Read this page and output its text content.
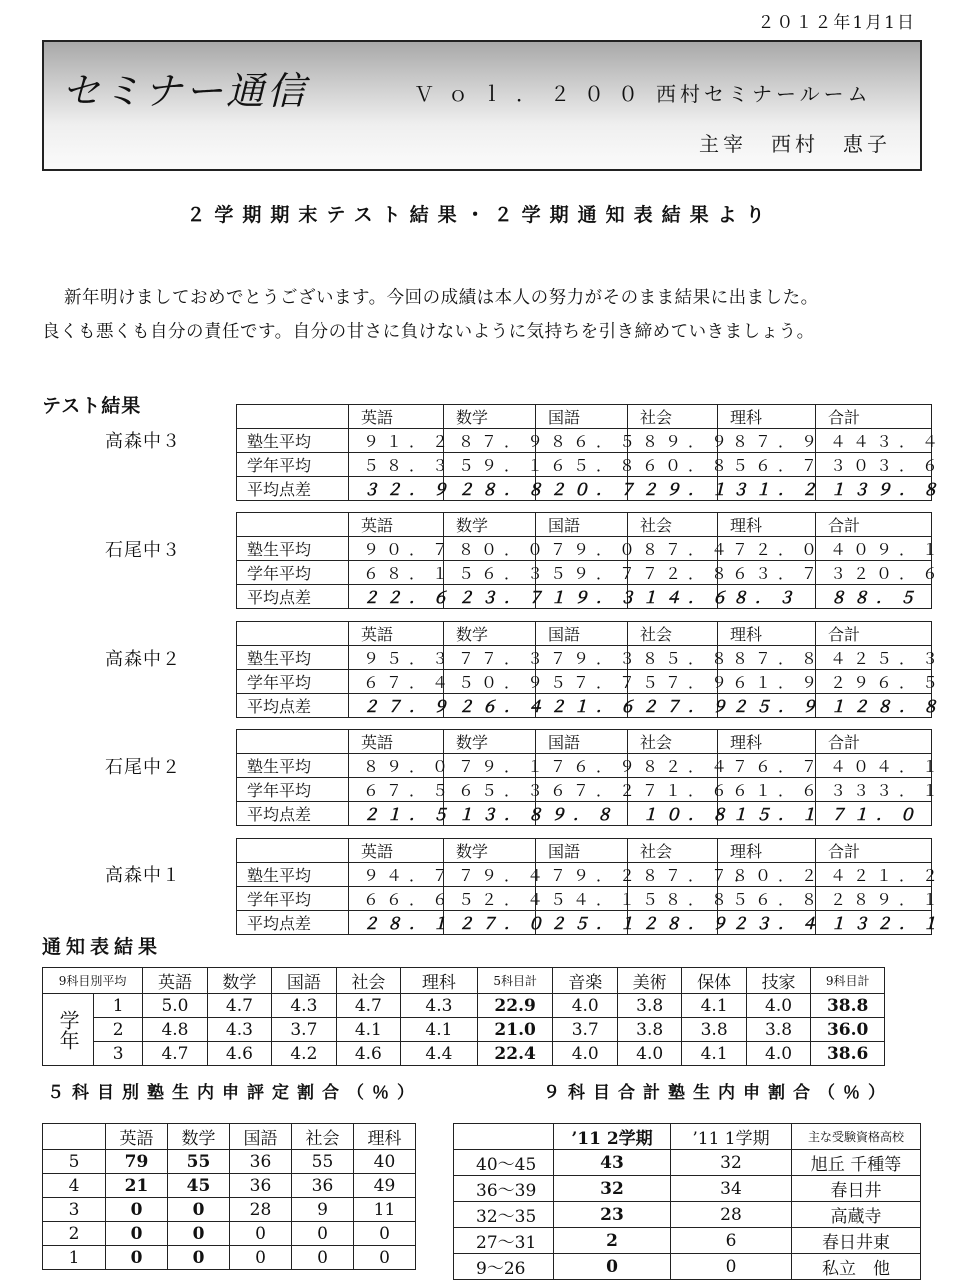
２０１２年1月1日
セミナー通信	Ｖｏｌ．２００ 西村セミナールーム
主宰　西村　恵子
２学期期末テスト結果・２学期通知表結果より
新年明けましておめでとうございます。今回の成績は本人の努力がそのまま結果に出ました。
良くも悪くも自分の責任です。自分の甘さに負けないように気持ちを引き締めていきましょう。
テスト結果
高森中３
	英語	数学	国語	社会	理科	合計
塾生平均	９１．２	８７．９	８６．５	８９．９	８７．９	４４３．４
学年平均	５８．３	５９．１	６５．８	６０．８	５６．７	３０３．６
平均点差	３２．９	２８．８	２０．７	２９．１	３１．２	１３９．８
石尾中３
	英語	数学	国語	社会	理科	合計
塾生平均	９０．７	８０．０	７９．０	８７．４	７２．０	４０９．１
学年平均	６８．１	５６．３	５９．７	７２．８	６３．７	３２０．６
平均点差	２２．６	２３．７	１９．３	１４．６	８．３	８８．５
高森中２
	英語	数学	国語	社会	理科	合計
塾生平均	９５．３	７７．３	７９．３	８５．８	８７．８	４２５．３
学年平均	６７．４	５０．９	５７．７	５７．９	６１．９	２９６．５
平均点差	２７．９	２６．４	２１．６	２７．９	２５．９	１２８．８
石尾中２
	英語	数学	国語	社会	理科	合計
塾生平均	８９．０	７９．１	７６．９	８２．４	７６．７	４０４．１
学年平均	６７．５	６５．３	６７．２	７１．６	６１．６	３３３．１
平均点差	２１．５	１３．８	９．８	１０．８	１５．１	７１．０
高森中１
	英語	数学	国語	社会	理科	合計
塾生平均	９４．７	７９．４	７９．２	８７．７．	８０．２	４２１．２
学年平均	６６．６	５２．４	５４．１	５８．８	５６．８	２８９．１
平均点差	２８．１	２７．０	２５．１	２８．９	２３．４	１３２．１
通知表結果
9科目別平均		英語	数学	国語	社会	理科	5科目計	音楽	美術	保体	技家	9科目計
学年	1	5.0	4.7	4.3	4.7	4.3	22.9	4.0	3.8	4.1	4.0	38.8
	2	4.8	4.3	3.7	4.1	4.1	21.0	3.7	3.8	3.8	3.8	36.0
	3	4.7	4.6	4.2	4.6	4.4	22.4	4.0	4.0	4.1	4.0	38.6
５科目別塾生内申評定割合（％）	９科目合計塾生内申割合（％）
	英語	数学	国語	社会	理科
5	79	55	36	55	40
4	21	45	36	36	49
3	0	0	28	9	11
2	0	0	0	0	0
1	0	0	0	0	0
	’11 2学期	’11 1学期	主な受験資格高校
40～45	43	32	旭丘 千種等
36～39	32	34	春日井
32～35	23	28	高蔵寺
27～31	2	6	春日井東
9～26	0	0	私立　他
